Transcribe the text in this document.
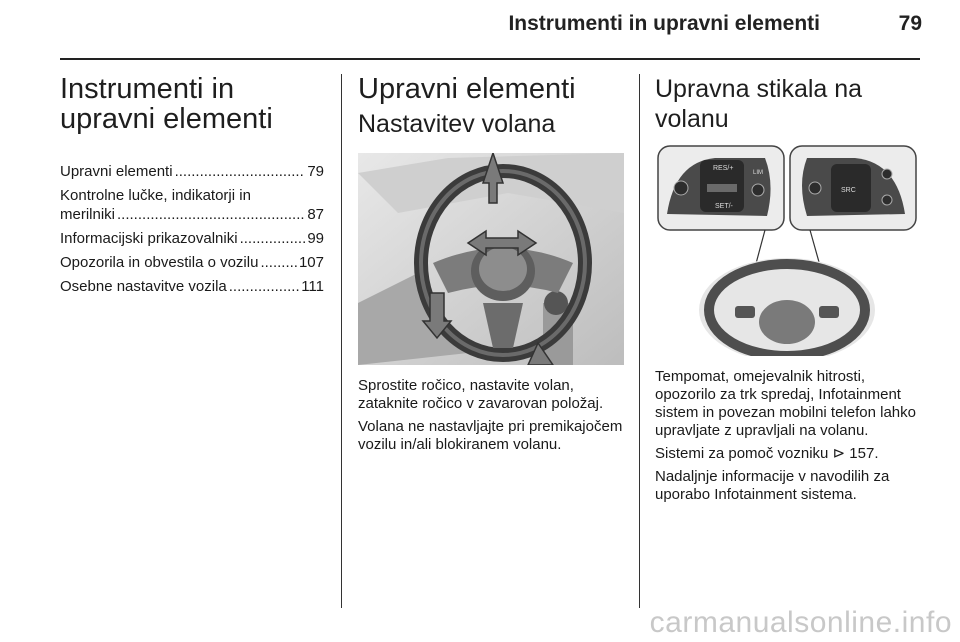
Instrumenti in upravni elementi	79
Instrumenti in upravni elementi
Upravni elementi .....	79
Kontrolne lučke, indikatorji in
merilniki .....	87
Informacijski prikazovalniki .....	99
Opozorila in obvestila o vozilu .....	107
Osebne nastavitve vozila .....	111
Upravni elementi
Nastavitev volana

Sprostite ročico, nastavite volan, zataknite ročico v zavarovan položaj.

Volana ne nastavljajte pri premikajočem vozilu in/ali blokiranem volanu.

Upravna stikala na volanu
RES/+
SET/-
LIM
SRC

Tempomat, omejevalnik hitrosti, opozorilo za trk spredaj, Infotainment sistem in povezan mobilni telefon lahko upravljate z upravljali na volanu.

Sistemi za pomoč vozniku ⊳ 157.

Nadaljnje informacije v navodilih za uporabo Infotainment sistema.

carmanualsonline.info
